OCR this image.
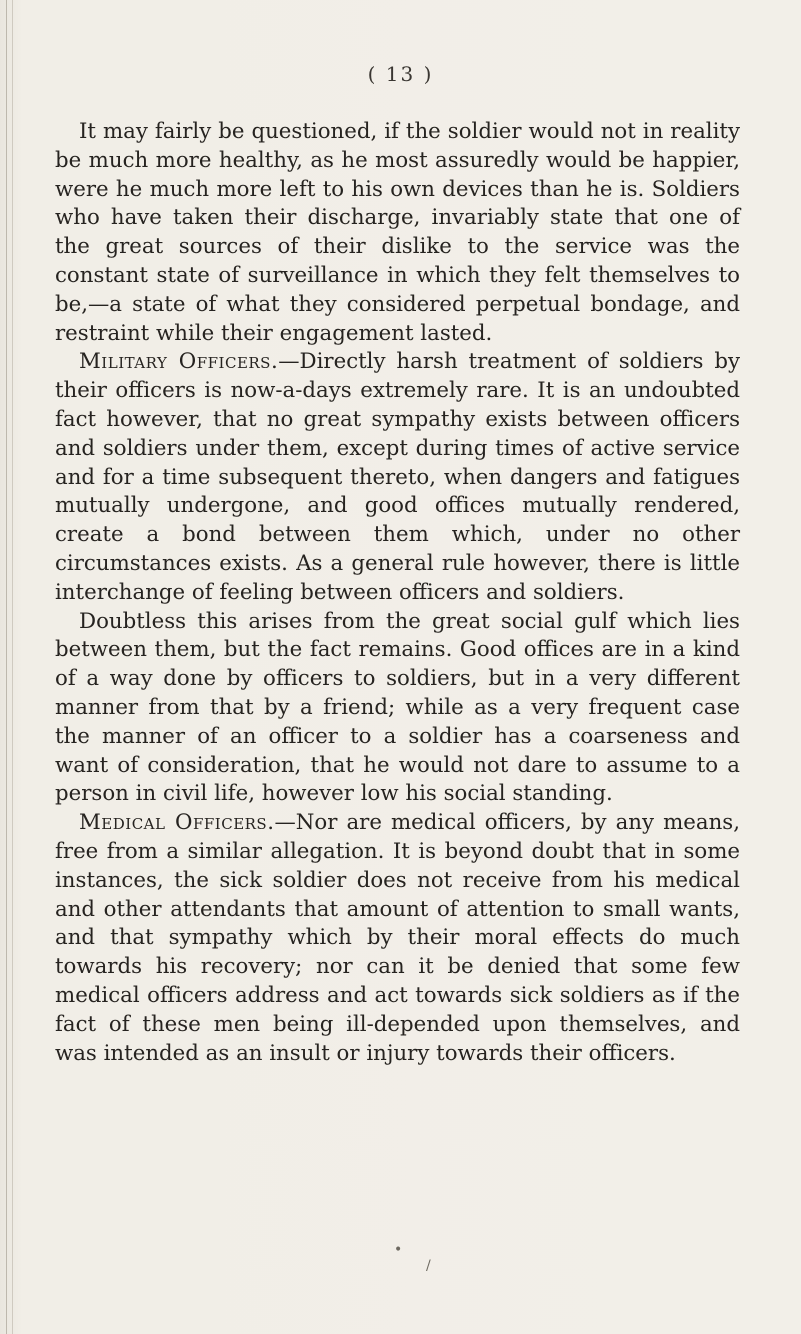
( 13 )

It may fairly be questioned, if the soldier would not in reality be much more healthy, as he most assuredly would be happier, were he much more left to his own devices than he is. Soldiers who have taken their discharge, invariably state that one of the great sources of their dislike to the service was the constant state of surveillance in which they felt themselves to be,—a state of what they considered perpetual bondage, and restraint while their engagement lasted.

Military Officers.—Directly harsh treatment of soldiers by their officers is now-a-days extremely rare. It is an undoubted fact however, that no great sympathy exists between officers and soldiers under them, except during times of active service and for a time subsequent thereto, when dangers and fatigues mutually undergone, and good offices mutually rendered, create a bond between them which, under no other circumstances exists. As a general rule however, there is little interchange of feeling between officers and soldiers.

Doubtless this arises from the great social gulf which lies between them, but the fact remains. Good offices are in a kind of a way done by officers to soldiers, but in a very different manner from that by a friend; while as a very frequent case the manner of an officer to a soldier has a coarseness and want of consideration, that he would not dare to assume to a person in civil life, however low his social standing.

Medical Officers.—Nor are medical officers, by any means, free from a similar allegation. It is beyond doubt that in some instances, the sick soldier does not receive from his medical and other attendants that amount of attention to small wants, and that sympathy which by their moral effects do much towards his recovery; nor can it be denied that some few medical officers address and act towards sick soldiers as if the fact of these men being ill-depended upon themselves, and was intended as an insult or injury towards their officers.

•
/
